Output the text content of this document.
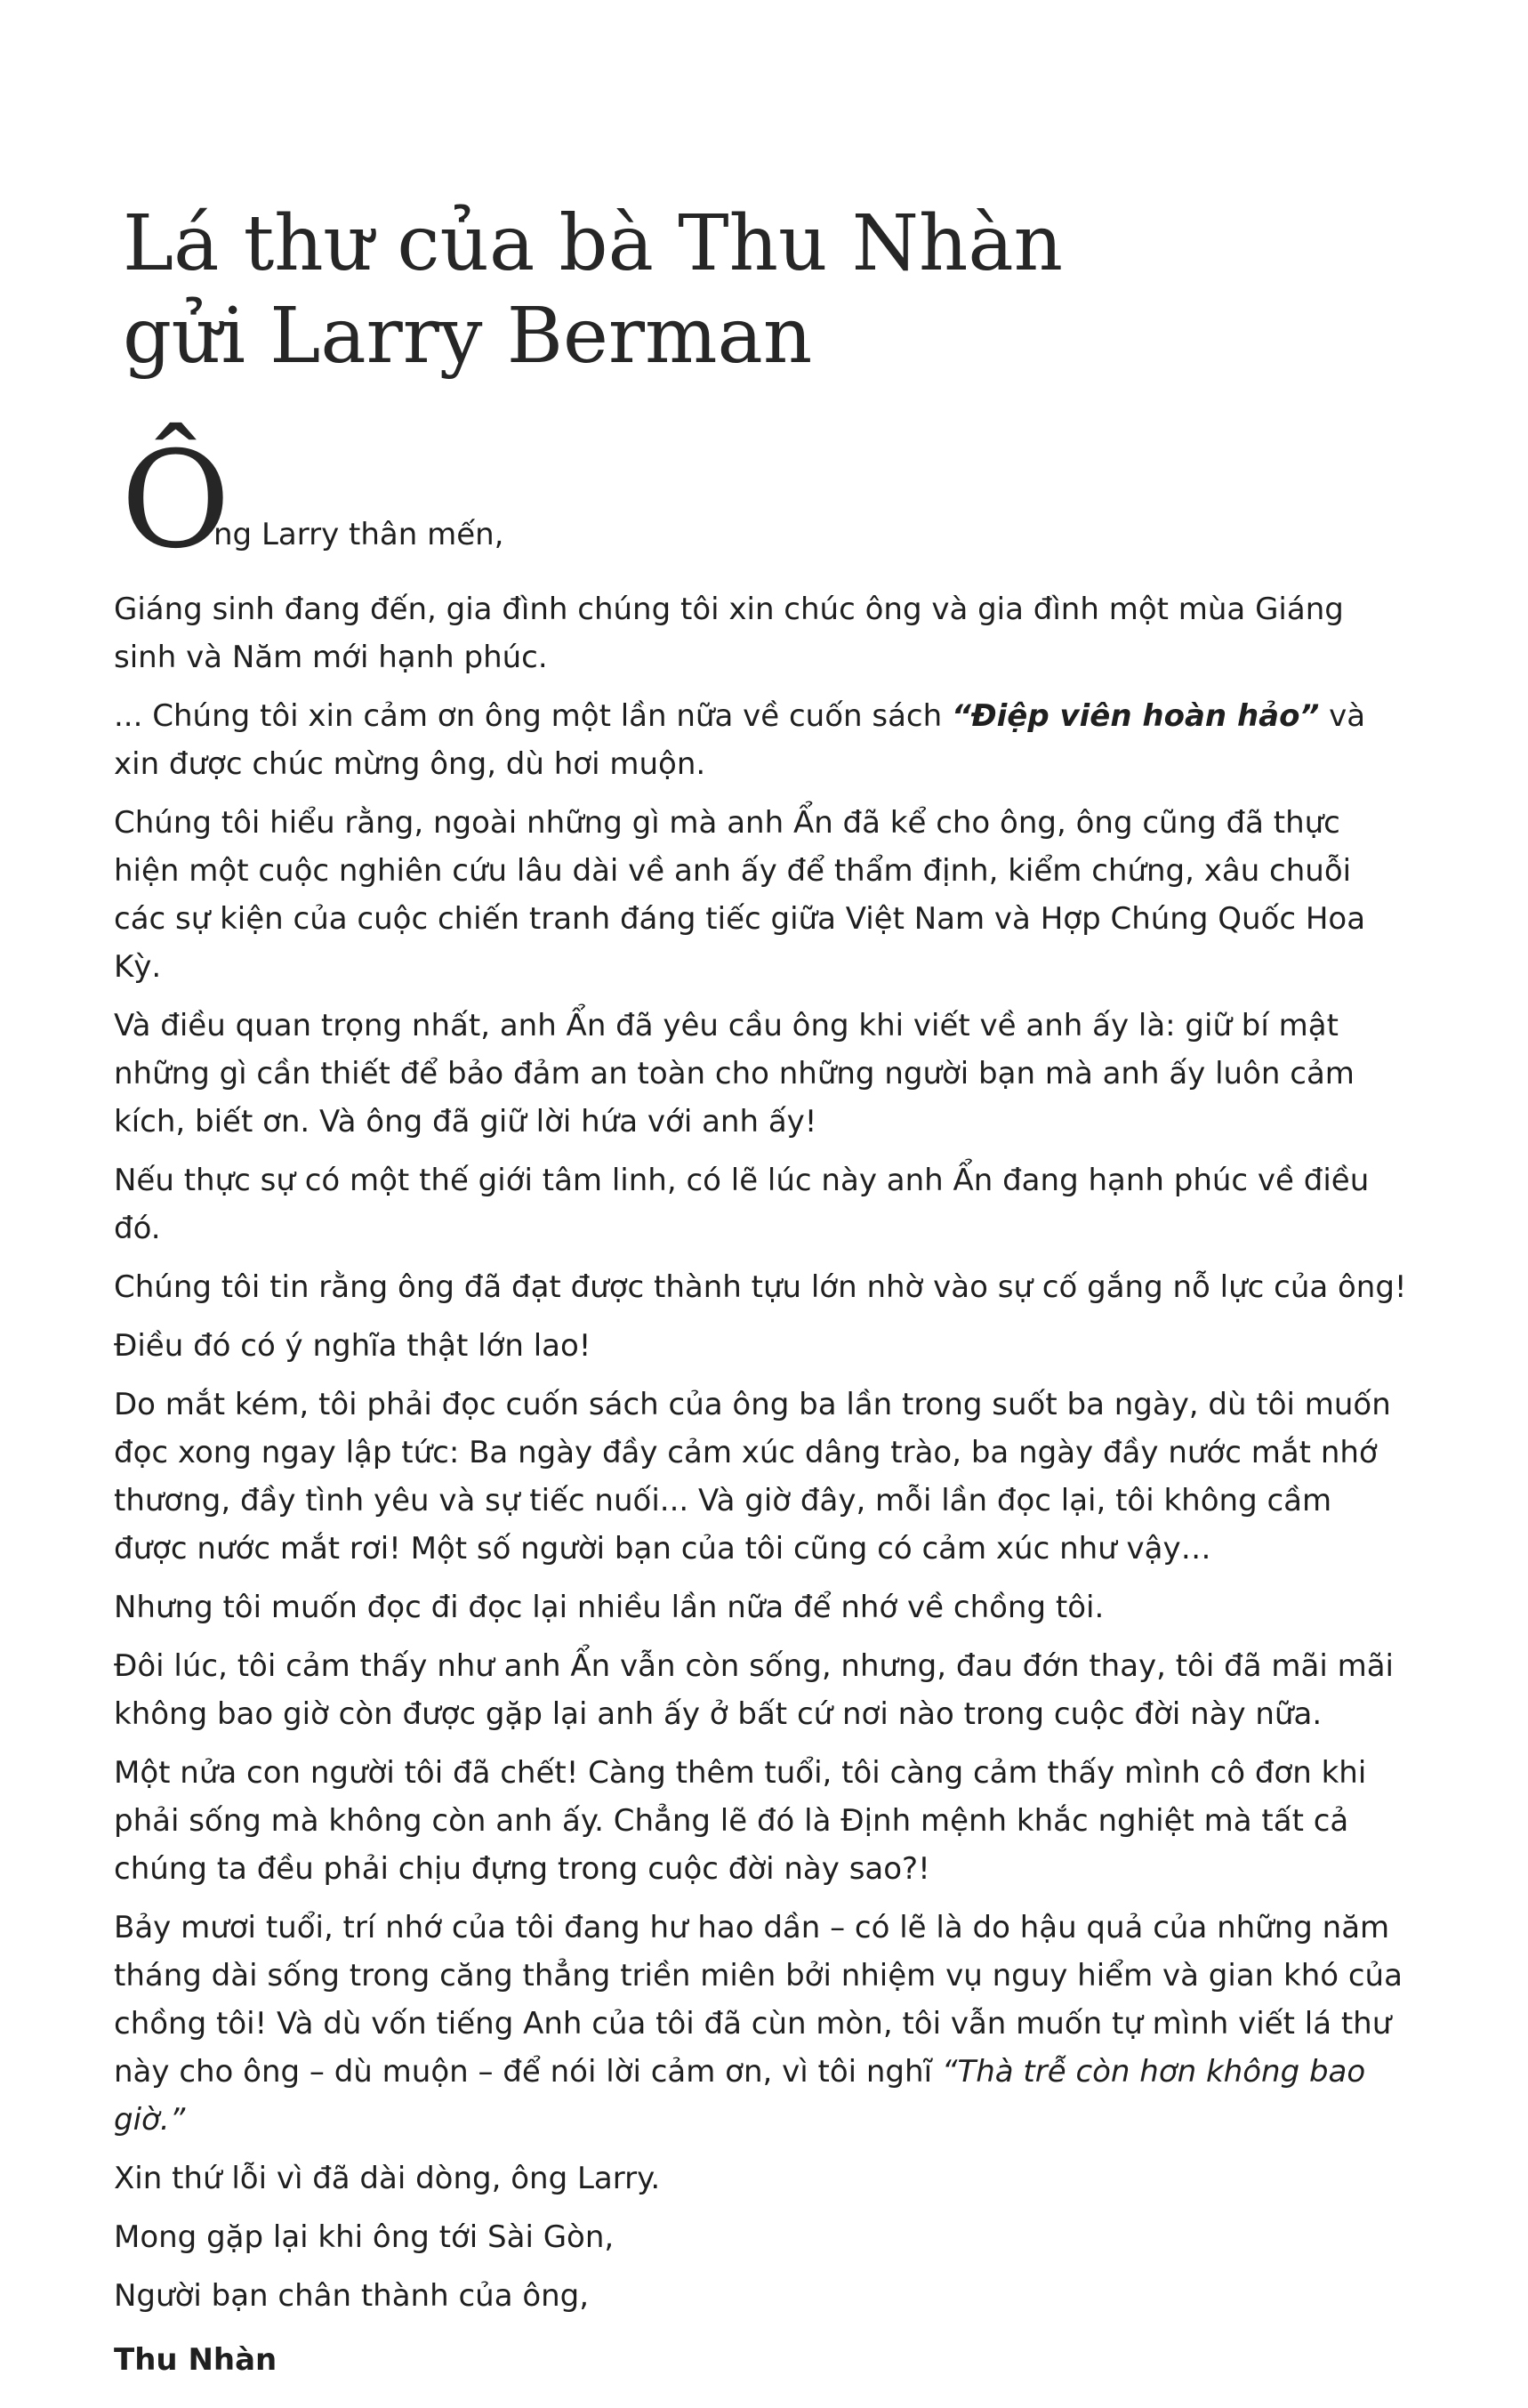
Lá thư của bà Thu Nhàn
gửi Larry Berman

Ô
ng Larry thân mến,

Giáng sinh đang đến, gia đình chúng tôi xin chúc ông và gia đình một mùa Giáng sinh và Năm mới hạnh phúc.

... Chúng tôi xin cảm ơn ông một lần nữa về cuốn sách “Điệp viên hoàn hảo” và xin được chúc mừng ông, dù hơi muộn.

Chúng tôi hiểu rằng, ngoài những gì mà anh Ẩn đã kể cho ông, ông cũng đã thực hiện một cuộc nghiên cứu lâu dài về anh ấy để thẩm định, kiểm chứng, xâu chuỗi các sự kiện của cuộc chiến tranh đáng tiếc giữa Việt Nam và Hợp Chúng Quốc Hoa Kỳ.

Và điều quan trọng nhất, anh Ẩn đã yêu cầu ông khi viết về anh ấy là: giữ bí mật những gì cần thiết để bảo đảm an toàn cho những người bạn mà anh ấy luôn cảm kích, biết ơn. Và ông đã giữ lời hứa với anh ấy!

Nếu thực sự có một thế giới tâm linh, có lẽ lúc này anh Ẩn đang hạnh phúc về điều đó.

Chúng tôi tin rằng ông đã đạt được thành tựu lớn nhờ vào sự cố gắng nỗ lực của ông!

Điều đó có ý nghĩa thật lớn lao!

Do mắt kém, tôi phải đọc cuốn sách của ông ba lần trong suốt ba ngày, dù tôi muốn đọc xong ngay lập tức: Ba ngày đầy cảm xúc dâng trào, ba ngày đầy nước mắt nhớ thương, đầy tình yêu và sự tiếc nuối... Và giờ đây, mỗi lần đọc lại, tôi không cầm được nước mắt rơi! Một số người bạn của tôi cũng có cảm xúc như vậy…

Nhưng tôi muốn đọc đi đọc lại nhiều lần nữa để nhớ về chồng tôi.

Đôi lúc, tôi cảm thấy như anh Ẩn vẫn còn sống, nhưng, đau đớn thay, tôi đã mãi mãi không bao giờ còn được gặp lại anh ấy ở bất cứ nơi nào trong cuộc đời này nữa.

Một nửa con người tôi đã chết! Càng thêm tuổi, tôi càng cảm thấy mình cô đơn khi phải sống mà không còn anh ấy. Chẳng lẽ đó là Định mệnh khắc nghiệt mà tất cả chúng ta đều phải chịu đựng trong cuộc đời này sao?!

Bảy mươi tuổi, trí nhớ của tôi đang hư hao dần – có lẽ là do hậu quả của những năm tháng dài sống trong căng thẳng triền miên bởi nhiệm vụ nguy hiểm và gian khó của chồng tôi! Và dù vốn tiếng Anh của tôi đã cùn mòn, tôi vẫn muốn tự mình viết lá thư này cho ông – dù muộn – để nói lời cảm ơn, vì tôi nghĩ “Thà trễ còn hơn không bao giờ.”

Xin thứ lỗi vì đã dài dòng, ông Larry.

Mong gặp lại khi ông tới Sài Gòn,

Người bạn chân thành của ông,

Thu Nhàn
